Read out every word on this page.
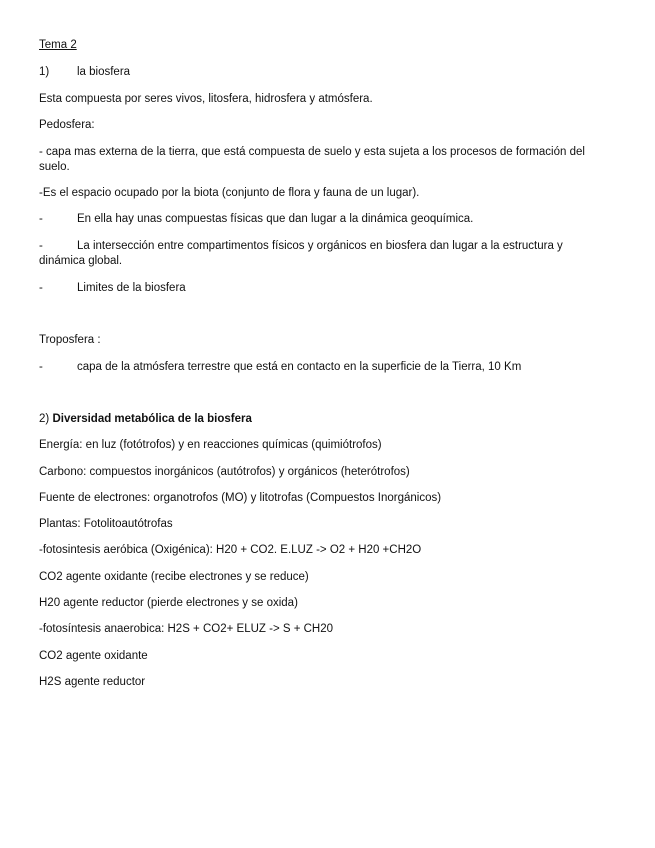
Tema 2
1) la biosfera
Esta compuesta por seres vivos, litosfera, hidrosfera y atmósfera.
Pedosfera:
- capa mas externa de la tierra, que está compuesta de suelo y esta sujeta a los procesos de formación del suelo.
-Es el espacio ocupado por la biota (conjunto de flora y fauna de un lugar).
-	En ella hay unas compuestas físicas que dan lugar a la dinámica geoquímica.
-	La intersección entre compartimentos físicos y orgánicos en biosfera dan lugar a la estructura y dinámica global.
-	Limites de la biosfera
Troposfera :
-	capa de la atmósfera terrestre que está en contacto en la superficie de la Tierra, 10 Km
2) Diversidad metabólica de la biosfera
Energía: en luz (fotótrofos) y en reacciones químicas (quimiótrofos)
Carbono: compuestos inorgánicos (autótrofos) y orgánicos (heterótrofos)
Fuente de electrones: organotrofos (MO) y litotrofas (Compuestos Inorgánicos)
Plantas: Fotolitoautótrofas
-fotosintesis aeróbica (Oxigénica): H20 + CO2. E.LUZ -> O2 + H20 +CH2O
CO2 agente oxidante (recibe electrones y se reduce)
H20 agente reductor (pierde electrones y se oxida)
-fotosíntesis anaerobica: H2S + CO2+ ELUZ -> S + CH20
CO2 agente oxidante
H2S agente reductor
